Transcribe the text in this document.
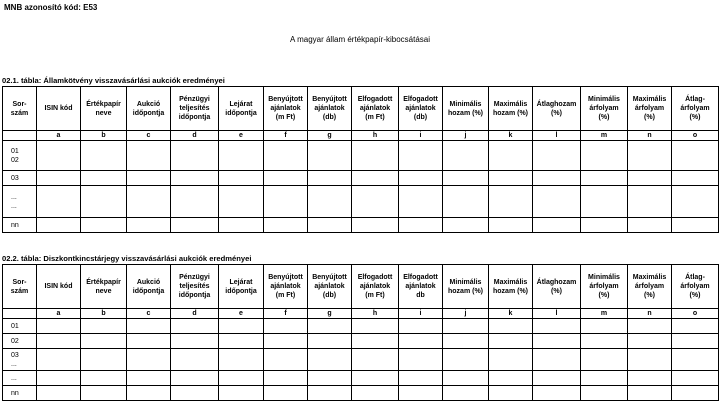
MNB azonosító kód: E53
A magyar állam értékpapír-kibocsátásai
02.1. tábla: Államkötvény visszavásárlási aukciók eredményei
Sor-
szám	ISIN kód	Értékpapír
neve	Aukció
időpontja	Pénzügyi
teljesítés
időpontja	Lejárat
időpontja	Benyújtott
ajánlatok
(m Ft)	Benyújtott
ajánlatok
(db)	Elfogadott
ajánlatok
(m Ft)	Elfogadott
ajánlatok
(db)	Minimális
hozam (%)	Maximális
hozam (%)	Átlaghozam
(%)	Minimális
árfolyam
(%)	Maximális
árfolyam
(%)	Átlag-
árfolyam
(%)
	a	b	c	d	e	f	g	h	i	j	k	l	m	n	o
01
02															
03															
...
...															
nn															
02.2. tábla: Diszkontkincstárjegy visszavásárlási aukciók eredményei
Sor-
szám	ISIN kód	Értékpapír
neve	Aukció
időpontja	Pénzügyi
teljesítés
időpontja	Lejárat
időpontja	Benyújtott
ajánlatok
(m Ft)	Benyújtott
ajánlatok
(db)	Elfogadott
ajánlatok
(m Ft)	Elfogadott
ajánlatok
db	Minimális
hozam (%)	Maximális
hozam (%)	Átlaghozam
(%)	Minimális
árfolyam
(%)	Maximális
árfolyam
(%)	Átlag-
árfolyam
(%)
	a	b	c	d	e	f	g	h	i	j	k	l	m	n	o
01															
02															
03
...															
...															
nn															
